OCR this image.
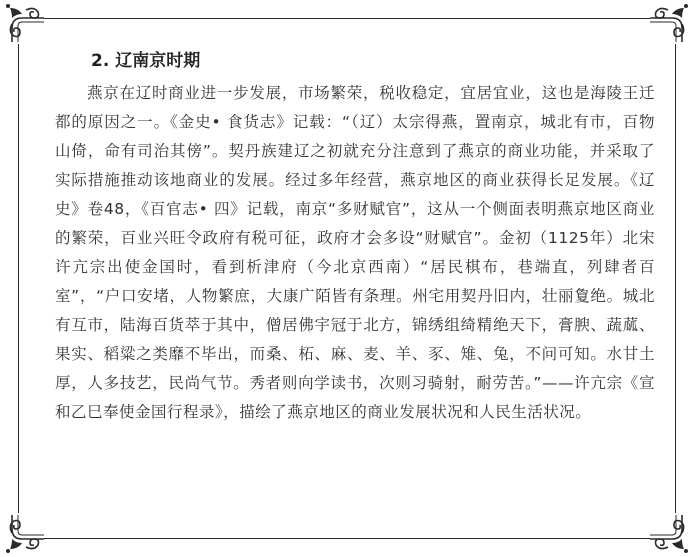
2. 辽南京时期

燕京在辽时商业进一步发展，市场繁荣，税收稳定，宜居宜业，这也是海陵王迁都的原因之一。《金史• 食货志》记载：“（辽）太宗得燕，置南京，城北有市，百物山倚，命有司治其傍”。契丹族建辽之初就充分注意到了燕京的商业功能，并采取了实际措施推动该地商业的发展。经过多年经营，燕京地区的商业获得长足发展。《辽史》卷48，《百官志• 四》记载，南京“多财赋官”，这从一个侧面表明燕京地区商业的繁荣，百业兴旺令政府有税可征，政府才会多设“财赋官”。金初（1125年）北宋许亢宗出使金国时，看到析津府（今北京西南）“居民棋布，巷端直，列肆者百室”，“户口安堵，人物繁庶，大康广陌皆有条理。州宅用契丹旧内，壮丽夐绝。城北有互市，陆海百货萃于其中，僧居佛宇冠于北方，锦绣组绮精绝天下，膏腴、蔬蓏、果实、稻粱之类靡不毕出，而桑、柘、麻、麦、羊、豕、雉、兔，不问可知。水甘土厚，人多技艺，民尚气节。秀者则向学读书，次则习骑射，耐劳苦。”——许亢宗《宣和乙巳奉使金国行程录》，描绘了燕京地区的商业发展状况和人民生活状况。
